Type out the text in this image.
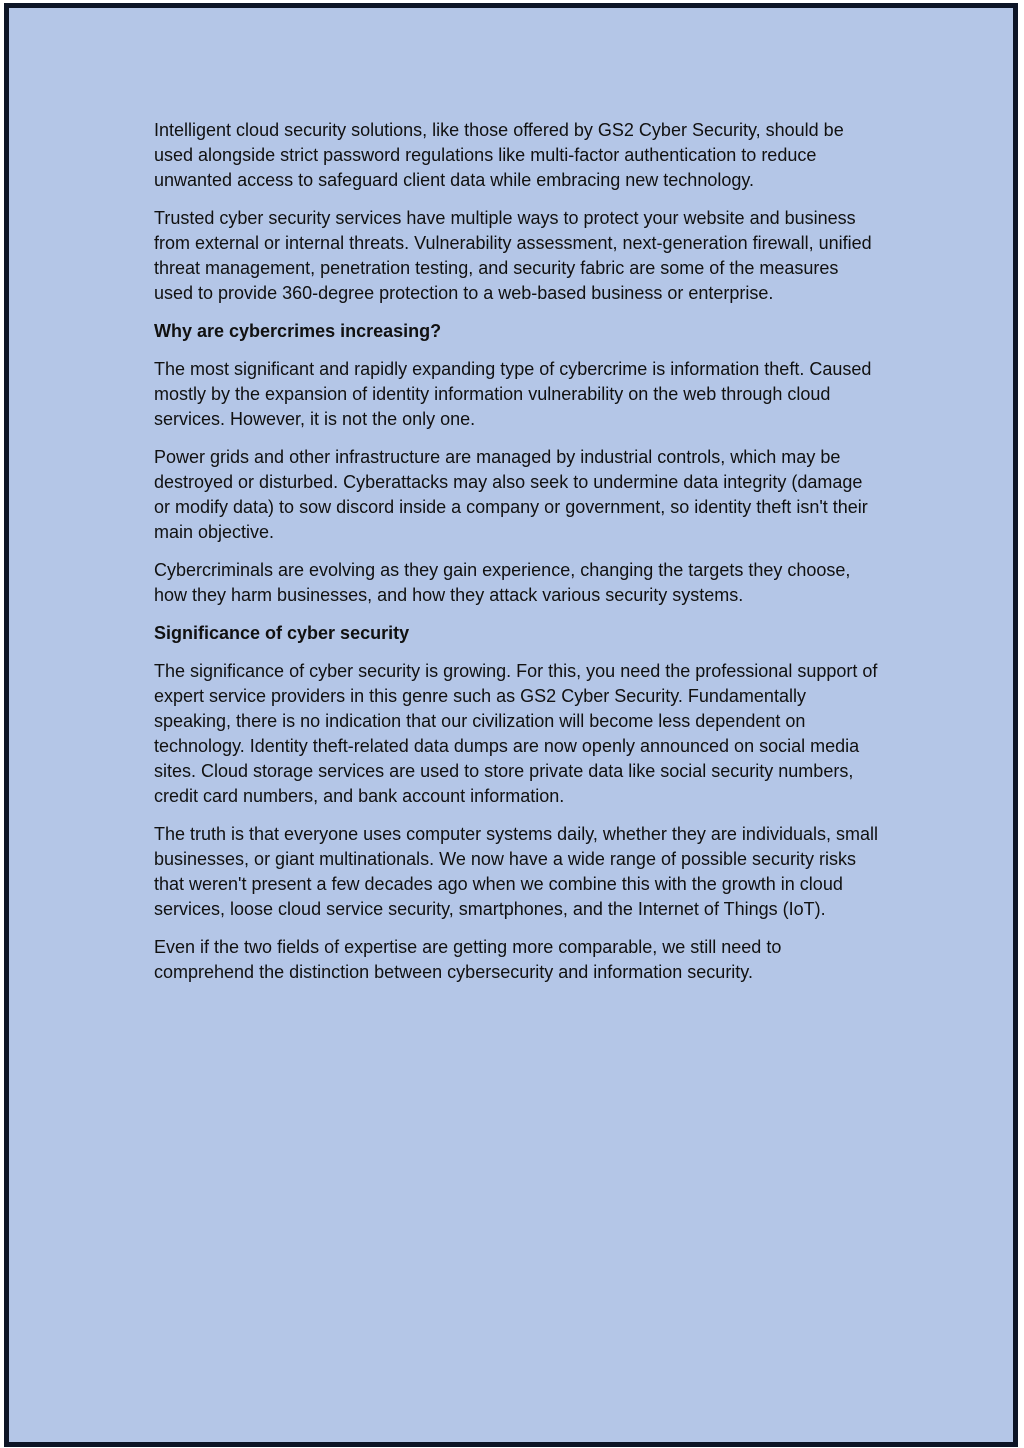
Intelligent cloud security solutions, like those offered by GS2 Cyber Security, should be used alongside strict password regulations like multi-factor authentication to reduce unwanted access to safeguard client data while embracing new technology.

Trusted cyber security services have multiple ways to protect your website and business from external or internal threats. Vulnerability assessment, next-generation firewall, unified threat management, penetration testing, and security fabric are some of the measures used to provide 360-degree protection to a web-based business or enterprise.

Why are cybercrimes increasing?

The most significant and rapidly expanding type of cybercrime is information theft. Caused mostly by the expansion of identity information vulnerability on the web through cloud services. However, it is not the only one.

Power grids and other infrastructure are managed by industrial controls, which may be destroyed or disturbed. Cyberattacks may also seek to undermine data integrity (damage or modify data) to sow discord inside a company or government, so identity theft isn't their main objective.

Cybercriminals are evolving as they gain experience, changing the targets they choose, how they harm businesses, and how they attack various security systems.

Significance of cyber security

The significance of cyber security is growing. For this, you need the professional support of expert service providers in this genre such as GS2 Cyber Security. Fundamentally speaking, there is no indication that our civilization will become less dependent on technology. Identity theft-related data dumps are now openly announced on social media sites. Cloud storage services are used to store private data like social security numbers, credit card numbers, and bank account information.

The truth is that everyone uses computer systems daily, whether they are individuals, small businesses, or giant multinationals. We now have a wide range of possible security risks that weren't present a few decades ago when we combine this with the growth in cloud services, loose cloud service security, smartphones, and the Internet of Things (IoT).

Even if the two fields of expertise are getting more comparable, we still need to comprehend the distinction between cybersecurity and information security.
